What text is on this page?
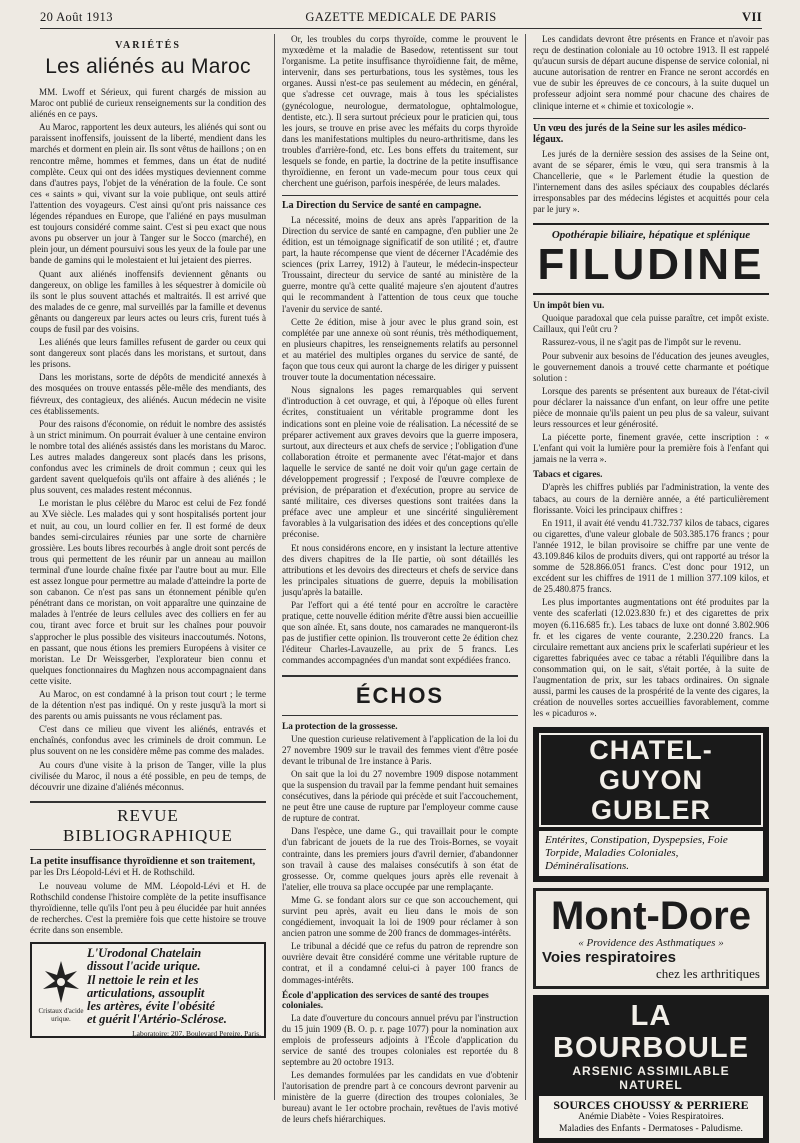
20 Août 1913	GAZETTE MEDICALE DE PARIS	VII
VARIÉTÉS
Les aliénés au Maroc

MM. Lwoff et Sérieux, qui furent chargés de mission au Maroc ont publié de curieux renseignements sur la condition des aliénés en ce pays.

Au Maroc, rapportent les deux auteurs, les aliénés qui sont ou paraissent inoffensifs, jouissent de la liberté, mendient dans les marchés et dorment en plein air. Ils sont vêtus de haillons ; on en rencontre même, hommes et femmes, dans un état de nudité complète. Ceux qui ont des idées mystiques deviennent comme dans d'autres pays, l'objet de la vénération de la foule. Ce sont ces « saints » qui, vivant sur la voie publique, ont seuls attiré l'attention des voyageurs. C'est ainsi qu'ont pris naissance ces légendes répandues en Europe, que l'aliéné en pays musulman est toujours considéré comme saint. C'est si peu exact que nous avons pu observer un jour à Tanger sur le Socco (marché), en plein jour, un dément poursuivi sous les yeux de la foule par une bande de gamins qui le molestaient et lui jetaient des pierres.

Quant aux aliénés inoffensifs deviennent gênants ou dangereux, on oblige les familles à les séquestrer à domicile où ils sont le plus souvent attachés et maltraités. Il est arrivé que des malades de ce genre, mal surveillés par la famille et devenus gênants ou dangereux par leurs actes ou leurs cris, furent tués à coups de fusil par des voisins.

Les aliénés que leurs familles refusent de garder ou ceux qui sont dangereux sont placés dans les moristans, et surtout, dans les prisons.

Dans les moristans, sorte de dépôts de mendicité annexés à des mosquées on trouve entassés pêle-mêle des mendiants, des fiévreux, des contagieux, des aliénés. Aucun médecin ne visite ces établissements.

Pour des raisons d'économie, on réduit le nombre des assistés à un strict minimum. On pourrait évaluer à une centaine environ le nombre total des aliénés assistés dans les moristans du Maroc. Les autres malades dangereux sont placés dans les prisons, confondus avec les criminels de droit commun ; ceux qui les gardent savent quelquefois qu'ils ont affaire à des aliénés ; le plus souvent, ces malades restent méconnus.

Le moristan le plus célèbre du Maroc est celui de Fez fondé au XVe siècle. Les malades qui y sont hospitalisés portent jour et nuit, au cou, un lourd collier en fer. Il est formé de deux bandes semi-circulaires réunies par une sorte de charnière grossière. Les bouts libres recourbés à angle droit sont percés de trous qui permettent de les réunir par un anneau au maillon terminal d'une lourde chaîne fixée par l'autre bout au mur. Elle est assez longue pour permettre au malade d'atteindre la porte de son cabanon. Ce n'est pas sans un étonnement pénible qu'en pénétrant dans ce moristan, on voit apparaître une quinzaine de malades à l'entrée de leurs cellules avec des colliers en fer au cou, tirant avec force et bruit sur les chaînes pour pouvoir s'approcher le plus possible des visiteurs inaccoutumés. Notons, en passant, que nous étions les premiers Européens à visiter ce moristan. Le Dr Weissgerber, l'explorateur bien connu et quelques fonctionnaires du Maghzen nous accompagnaient dans cette visite.

Au Maroc, on est condamné à la prison tout court ; le terme de la détention n'est pas indiqué. On y reste jusqu'à la mort si des parents ou amis puissants ne vous réclament pas.

C'est dans ce milieu que vivent les aliénés, entravés et enchaînés, confondus avec les criminels de droit commun. Le plus souvent on ne les considère même pas comme des malades.

Au cours d'une visite à la prison de Tanger, ville la plus civilisée du Maroc, il nous a été possible, en peu de temps, de découvrir une dizaine d'aliénés méconnus.

REVUE BIBLIOGRAPHIQUE
La petite insuffisance thyroïdienne et son traitement, par les Drs Léopold-Lévi et H. de Rothschild.

Le nouveau volume de MM. Léopold-Lévi et H. de Rothschild condense l'histoire complète de la petite insuffisance thyroïdienne, telle qu'ils l'ont peu à peu élucidée par huit années de recherches. C'est la première fois que cette histoire se trouve écrite dans son ensemble.

Cristaux d'acide urique.
L'Urodonal Chatelain
dissout l'acide urique.
Il nettoie le rein et les
articulations, assouplit
les artères, évite l'obésité
et guérit l'Artério-Sclérose.
Laboratoire: 207, Boulevard Pereire, Paris.

Or, les troubles du corps thyroïde, comme le prouvent le myxœdème et la maladie de Basedow, retentissent sur tout l'organisme. La petite insuffisance thyroïdienne fait, de même, intervenir, dans ses perturbations, tous les systèmes, tous les organes. Aussi n'est-ce pas seulement au médecin, en général, que s'adresse cet ouvrage, mais à tous les spécialistes (gynécologue, neurologue, dermatologue, ophtalmologue, dentiste, etc.). Il sera surtout précieux pour le praticien qui, tous les jours, se trouve en prise avec les méfaits du corps thyroïde dans les manifestations multiples du neuro-arthritisme, dans les troubles d'arrière-fond, etc. Les bons effets du traitement, sur lesquels se fonde, en partie, la doctrine de la petite insuffisance thyroïdienne, en feront un vade-mecum pour tous ceux qui cherchent une guérison, parfois inespérée, de leurs malades.

La Direction du Service de santé en campagne.

La nécessité, moins de deux ans après l'apparition de la Direction du service de santé en campagne, d'en publier une 2e édition, est un témoignage significatif de son utilité ; et, d'autre part, la haute récompense que vient de décerner l'Académie des sciences (prix Larrey, 1912) à l'auteur, le médecin-inspecteur Troussaint, directeur du service de santé au ministère de la guerre, montre qu'à cette qualité majeure s'en ajoutent d'autres qui le recommandent à l'attention de tous ceux que touche l'avenir du service de santé.

Cette 2e édition, mise à jour avec le plus grand soin, est complétée par une annexe où sont réunis, très méthodiquement, en plusieurs chapitres, les renseignements relatifs au personnel et au matériel des multiples organes du service de santé, de façon que tous ceux qui auront la charge de les diriger y puissent trouver toute la documentation nécessaire.

Nous signalons les pages remarquables qui servent d'introduction à cet ouvrage, et qui, à l'époque où elles furent écrites, constituaient un véritable programme dont les indications sont en pleine voie de réalisation. La nécessité de se préparer activement aux graves devoirs que la guerre imposera, surtout, aux directeurs et aux chefs de service ; l'obligation d'une collaboration étroite et permanente avec l'état-major et dans laquelle le service de santé ne doit voir qu'un gage certain de développement progressif ; l'exposé de l'œuvre complexe de prévision, de préparation et d'exécution, propre au service de santé militaire, ces diverses questions sont traitées dans la préface avec une ampleur et une sincérité singulièrement favorables à la vulgarisation des idées et des conceptions qu'elle préconise.

Et nous considérons encore, en y insistant la lecture attentive des divers chapitres de la IIe partie, où sont détaillés les attributions et les devoirs des directeurs et chefs de service dans les principales situations de guerre, depuis la mobilisation jusqu'après la bataille.

Par l'effort qui a été tenté pour en accroître le caractère pratique, cette nouvelle édition mérite d'être aussi bien accueillie que son aînée. Et, sans doute, nos camarades ne manqueront-ils pas de justifier cette opinion. Ils trouveront cette 2e édition chez l'éditeur Charles-Lavauzelle, au prix de 5 francs. Les commandes accompagnées d'un mandat sont expédiées franco.

ÉCHOS
La protection de la grossesse.

Une question curieuse relativement à l'application de la loi du 27 novembre 1909 sur le travail des femmes vient d'être posée devant le tribunal de 1re instance à Paris.

On sait que la loi du 27 novembre 1909 dispose notamment que la suspension du travail par la femme pendant huit semaines consécutives, dans la période qui précède et suit l'accouchement, ne peut être une cause de rupture par l'employeur comme cause de rupture de contrat.

Dans l'espèce, une dame G., qui travaillait pour le compte d'un fabricant de jouets de la rue des Trois-Bornes, se voyait contrainte, dans les premiers jours d'avril dernier, d'abandonner son travail à cause des malaises consécutifs à son état de grossesse. Or, comme quelques jours après elle revenait à l'atelier, elle trouva sa place occupée par une remplaçante.

Mme G. se fondant alors sur ce que son accouchement, qui survint peu après, avait eu lieu dans le mois de son congédiement, invoquait la loi de 1909 pour réclamer à son ancien patron une somme de 200 francs de dommages-intérêts.

Le tribunal a décidé que ce refus du patron de reprendre son ouvrière devait être considéré comme une véritable rupture de contrat, et il a condamné celui-ci à payer 100 francs de dommages-intérêts.

École d'application des services de santé des troupes coloniales.

La date d'ouverture du concours annuel prévu par l'instruction du 15 juin 1909 (B. O. p. r. page 1077) pour la nomination aux emplois de professeurs adjoints à l'École d'application du service de santé des troupes coloniales est reportée du 8 septembre au 20 octobre 1913.

Les demandes formulées par les candidats en vue d'obtenir l'autorisation de prendre part à ce concours devront parvenir au ministère de la guerre (direction des troupes coloniales, 3e bureau) avant le 1er octobre prochain, revêtues de l'avis motivé de leurs chefs hiérarchiques.

Les candidats devront être présents en France et n'avoir pas reçu de destination coloniale au 10 octobre 1913. Il est rappelé qu'aucun sursis de départ aucune dispense de service colonial, ni aucune autorisation de rentrer en France ne seront accordés en vue de subir les épreuves de ce concours, à la suite duquel un professeur adjoint sera nommé pour chacune des chaires de clinique interne et « chimie et toxicologie ».

Un vœu des jurés de la Seine sur les asiles médico-légaux.

Les jurés de la dernière session des assises de la Seine ont, avant de se séparer, émis le vœu, qui sera transmis à la Chancellerie, que « le Parlement étudie la question de l'internement dans des asiles spéciaux des coupables déclarés irresponsables par des médecins légistes et acquittés pour cela par le jury ».

Opothérapie biliaire, hépatique et splénique
FILUDINE
Un impôt bien vu.

Quoique paradoxal que cela puisse paraître, cet impôt existe. Caillaux, qui l'eût cru ?

Rassurez-vous, il ne s'agit pas de l'impôt sur le revenu.

Pour subvenir aux besoins de l'éducation des jeunes aveugles, le gouvernement danois a trouvé cette charmante et poétique solution :

Lorsque des parents se présentent aux bureaux de l'état-civil pour déclarer la naissance d'un enfant, on leur offre une petite pièce de monnaie qu'ils paient un peu plus de sa valeur, suivant leurs ressources et leur générosité.

La piécette porte, finement gravée, cette inscription : « L'enfant qui voit la lumière pour la première fois à l'enfant qui jamais ne la verra ».

Tabacs et cigares.

D'après les chiffres publiés par l'administration, la vente des tabacs, au cours de la dernière année, a été particulièrement florissante. Voici les principaux chiffres :

En 1911, il avait été vendu 41.732.737 kilos de tabacs, cigares ou cigarettes, d'une valeur globale de 503.385.176 francs ; pour l'année 1912, le bilan provisoire se chiffre par une vente de 43.109.846 kilos de produits divers, qui ont rapporté au trésor la somme de 528.866.051 francs. C'est donc pour 1912, un excédent sur les chiffres de 1911 de 1 million 377.109 kilos, et de 25.480.875 francs.

Les plus importantes augmentations ont été produites par la vente des scaferlati (12.023.830 fr.) et des cigarettes de prix moyen (6.116.685 fr.). Les tabacs de luxe ont donné 3.802.906 fr. et les cigares de vente courante, 2.230.220 francs. La circulaire remettant aux anciens prix le scaferlati supérieur et les cigarettes fabriquées avec ce tabac a rétabli l'équilibre dans la consommation qui, on le sait, s'était portée, à la suite de l'augmentation de prix, sur les tabacs ordinaires. On signale aussi, parmi les causes de la prospérité de la vente des cigares, la création de nouvelles sortes accueillies favorablement, comme les « picaduros ».

CHATEL-GUYON
GUBLER
Entérites, Constipation, Dyspepsies, Foie Torpide, Maladies Coloniales, Déminéralisations.
Mont-Dore
« Providence des Asthmatiques »
Voies respiratoires
chez les arthritiques
LA BOURBOULE
ARSENIC ASSIMILABLE NATUREL
SOURCES CHOUSSY & PERRIERE
Anémie Diabète - Voies Respiratoires.
Maladies des Enfants - Dermatoses - Paludisme.
